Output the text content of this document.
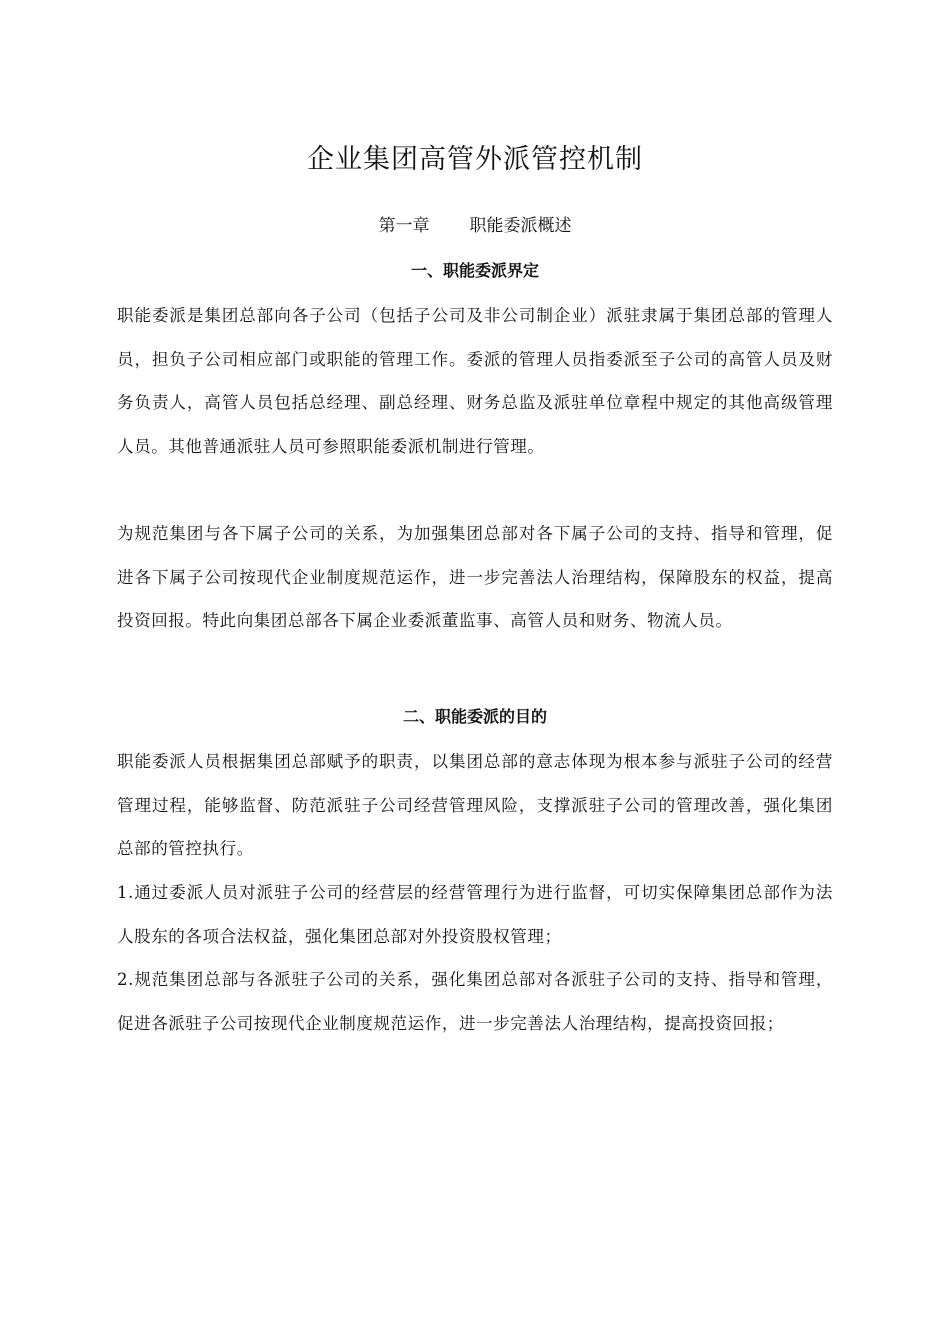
企业集团高管外派管控机制
第一章 职能委派概述
一、职能委派界定

职能委派是集团总部向各子公司（包括子公司及非公司制企业）派驻隶属于集团总部的管理人员，担负子公司相应部门或职能的管理工作。委派的管理人员指委派至子公司的高管人员及财务负责人，高管人员包括总经理、副总经理、财务总监及派驻单位章程中规定的其他高级管理人员。其他普通派驻人员可参照职能委派机制进行管理。

为规范集团与各下属子公司的关系，为加强集团总部对各下属子公司的支持、指导和管理，促进各下属子公司按现代企业制度规范运作，进一步完善法人治理结构，保障股东的权益，提高投资回报。特此向集团总部各下属企业委派董监事、高管人员和财务、物流人员。

二、职能委派的目的

职能委派人员根据集团总部赋予的职责，以集团总部的意志体现为根本参与派驻子公司的经营管理过程，能够监督、防范派驻子公司经营管理风险，支撑派驻子公司的管理改善，强化集团总部的管控执行。

1.通过委派人员对派驻子公司的经营层的经营管理行为进行监督，可切实保障集团总部作为法人股东的各项合法权益，强化集团总部对外投资股权管理；

2.规范集团总部与各派驻子公司的关系，强化集团总部对各派驻子公司的支持、指导和管理，促进各派驻子公司按现代企业制度规范运作，进一步完善法人治理结构，提高投资回报；
